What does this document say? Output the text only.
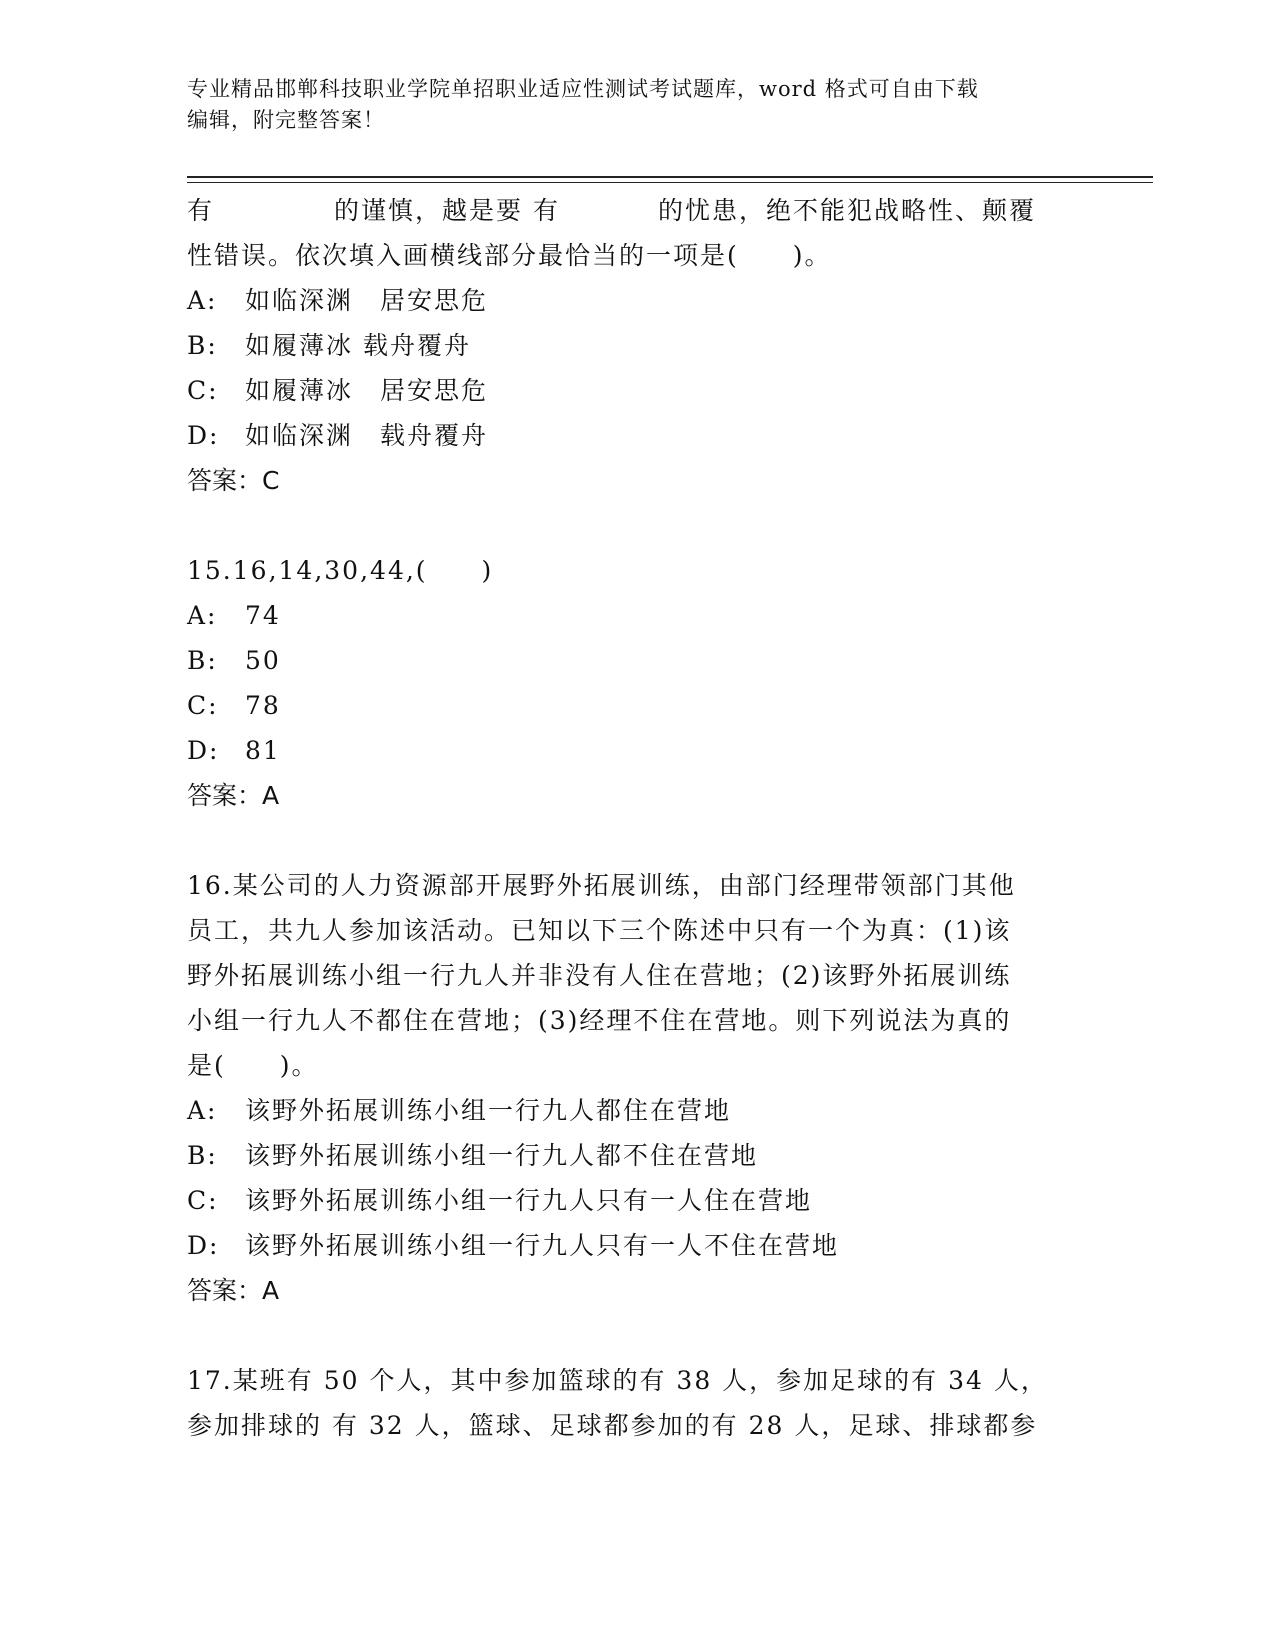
专业精品邯郸科技职业学院单招职业适应性测试考试题库，word 格式可自由下载
编辑，附完整答案！
有	的谨慎，越是要 有	的忧患，绝不能犯战略性、颠覆
性错误。依次填入画横线部分最恰当的一项是(　　)。
A: 如临深渊　居安思危
B: 如履薄冰 载舟覆舟
C: 如履薄冰　居安思危
D: 如临深渊　载舟覆舟
答案：C
15.16,14,30,44,(　　)
A: 74
B: 50
C: 78
D: 81
答案：A
16.某公司的人力资源部开展野外拓展训练，由部门经理带领部门其他
员工，共九人参加该活动。已知以下三个陈述中只有一个为真：(1)该
野外拓展训练小组一行九人并非没有人住在营地；(2)该野外拓展训练
小组一行九人不都住在营地；(3)经理不住在营地。则下列说法为真的
是(　　)。
A: 该野外拓展训练小组一行九人都住在营地
B: 该野外拓展训练小组一行九人都不住在营地
C: 该野外拓展训练小组一行九人只有一人住在营地
D: 该野外拓展训练小组一行九人只有一人不住在营地
答案：A
17.某班有 50 个人，其中参加篮球的有 38 人，参加足球的有 34 人，
参加排球的 有 32 人，篮球、足球都参加的有 28 人，足球、排球都参
